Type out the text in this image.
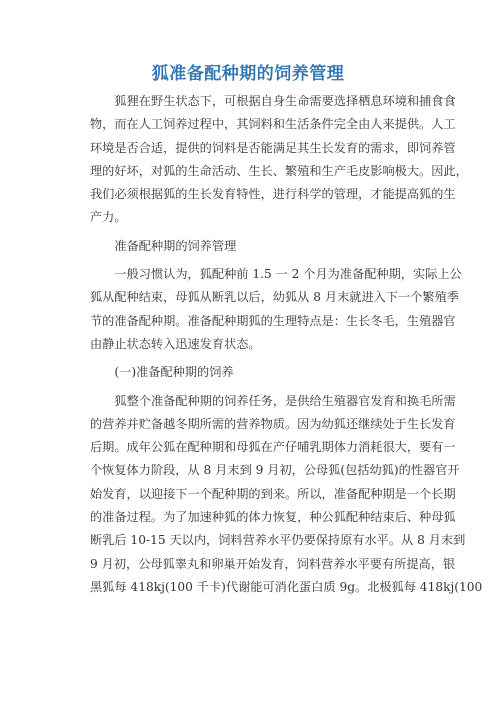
狐准备配种期的饲养管理

狐狸在野生状态下，可根据自身生命需要选择栖息环境和捕食食
物，而在人工饲养过程中，其饲料和生活条件完全由人来提供。人工
环境是否合适，提供的饲料是否能满足其生长发育的需求，即饲养管
理的好坏，对狐的生命活动、生长、繁殖和生产毛皮影响极大。因此，
我们必须根据狐的生长发育特性，进行科学的管理，才能提高狐的生
产力。

准备配种期的饲养管理

一般习惯认为，狐配种前 1.5 一 2 个月为准备配种期，实际上公
狐从配种结束，母狐从断乳以后，幼狐从 8 月末就进入下一个繁殖季
节的准备配种期。准备配种期狐的生理特点是：生长冬毛，生殖器官
由静止状态转入迅速发育状态。

(一)准备配种期的饲养

狐整个准备配种期的饲养任务，是供给生殖器官发育和换毛所需
的营养并贮备越冬期所需的营养物质。因为幼狐还继续处于生长发育
后期。成年公狐在配种期和母狐在产仔哺乳期体力消耗很大，要有一
个恢复体力阶段，从 8 月末到 9 月初，公母狐(包括幼狐)的性器官开
始发育，以迎接下一个配种期的到来。所以，准备配种期是一个长期
的准备过程。为了加速种狐的体力恢复，种公狐配种结束后、种母狐
断乳后 10-15 天以内，饲料营养水平仍要保持原有水平。从 8 月末到
9 月初，公母狐睾丸和卵巢开始发育，饲料营养水平要有所提高，银
黑狐每 418kj(100 千卡)代谢能可消化蛋白质 9g。北极狐每 418kj(100
